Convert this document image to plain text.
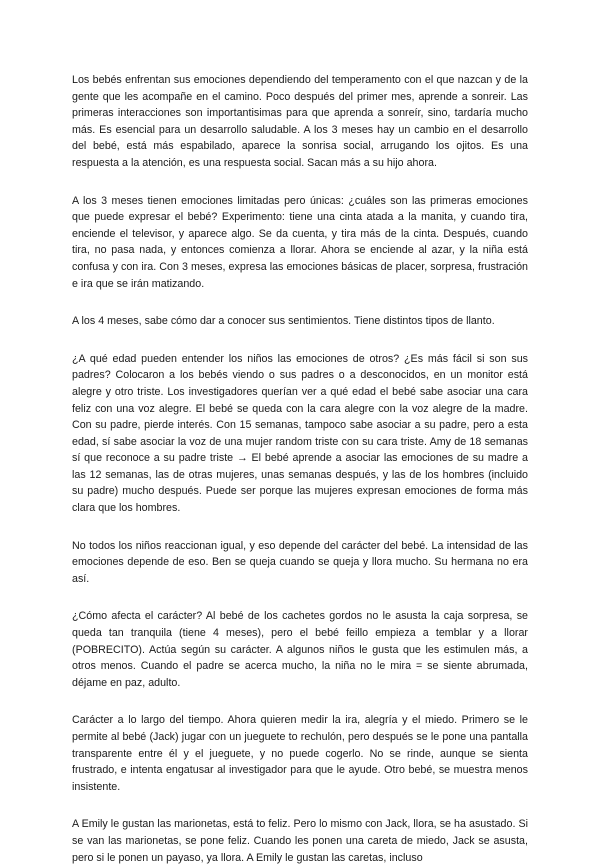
Los bebés enfrentan sus emociones dependiendo del temperamento con el que nazcan y de la gente que les acompañe en el camino. Poco después del primer mes, aprende a sonreir. Las primeras interacciones son importantisimas para que aprenda a sonreír, sino, tardaría mucho más. Es esencial para un desarrollo saludable. A los 3 meses hay un cambio en el desarrollo del bebé, está más espabilado, aparece la sonrisa social, arrugando los ojitos. Es una respuesta a la atención, es una respuesta social. Sacan más a su hijo ahora.

A los 3 meses tienen emociones limitadas pero únicas: ¿cuáles son las primeras emociones que puede expresar el bebé? Experimento: tiene una cinta atada a la manita, y cuando tira, enciende el televisor, y aparece algo. Se da cuenta, y tira más de la cinta. Después, cuando tira, no pasa nada, y entonces comienza a llorar. Ahora se enciende al azar, y la niña está confusa y con ira. Con 3 meses, expresa las emociones básicas de placer, sorpresa, frustración e ira que se irán matizando.

A los 4 meses, sabe cómo dar a conocer sus sentimientos. Tiene distintos tipos de llanto.

¿A qué edad pueden entender los niños las emociones de otros? ¿Es más fácil si son sus padres? Colocaron a los bebés viendo o sus padres o a desconocidos, en un monitor está alegre y otro triste. Los investigadores querían ver a qué edad el bebé sabe asociar una cara feliz con una voz alegre. El bebé se queda con la cara alegre con la voz alegre de la madre. Con su padre, pierde interés. Con 15 semanas, tampoco sabe asociar a su padre, pero a esta edad, sí sabe asociar la voz de una mujer random triste con su cara triste. Amy de 18 semanas sí que reconoce a su padre triste → El bebé aprende a asociar las emociones de su madre a las 12 semanas, las de otras mujeres, unas semanas después, y las de los hombres (incluido su padre) mucho después. Puede ser porque las mujeres expresan emociones de forma más clara que los hombres.

No todos los niños reaccionan igual, y eso depende del carácter del bebé. La intensidad de las emociones depende de eso. Ben se queja cuando se queja y llora mucho. Su hermana no era así.

¿Cómo afecta el carácter? Al bebé de los cachetes gordos no le asusta la caja sorpresa, se queda tan tranquila (tiene 4 meses), pero el bebé feillo empieza a temblar y a llorar (POBRECITO). Actúa según su carácter. A algunos niños le gusta que les estimulen más, a otros menos. Cuando el padre se acerca mucho, la niña no le mira = se siente abrumada, déjame en paz, adulto.

Carácter a lo largo del tiempo. Ahora quieren medir la ira, alegría y el miedo. Primero se le permite al bebé (Jack) jugar con un jueguete to rechulón, pero después se le pone una pantalla transparente entre él y el jueguete, y no puede cogerlo. No se rinde, aunque se sienta frustrado, e intenta engatusar al investigador para que le ayude. Otro bebé, se muestra menos insistente.

A Emily le gustan las marionetas, está to feliz. Pero lo mismo con Jack, llora, se ha asustado. Si se van las marionetas, se pone feliz. Cuando les ponen una careta de miedo, Jack se asusta, pero si le ponen un payaso, ya llora. A Emily le gustan las caretas, incluso
